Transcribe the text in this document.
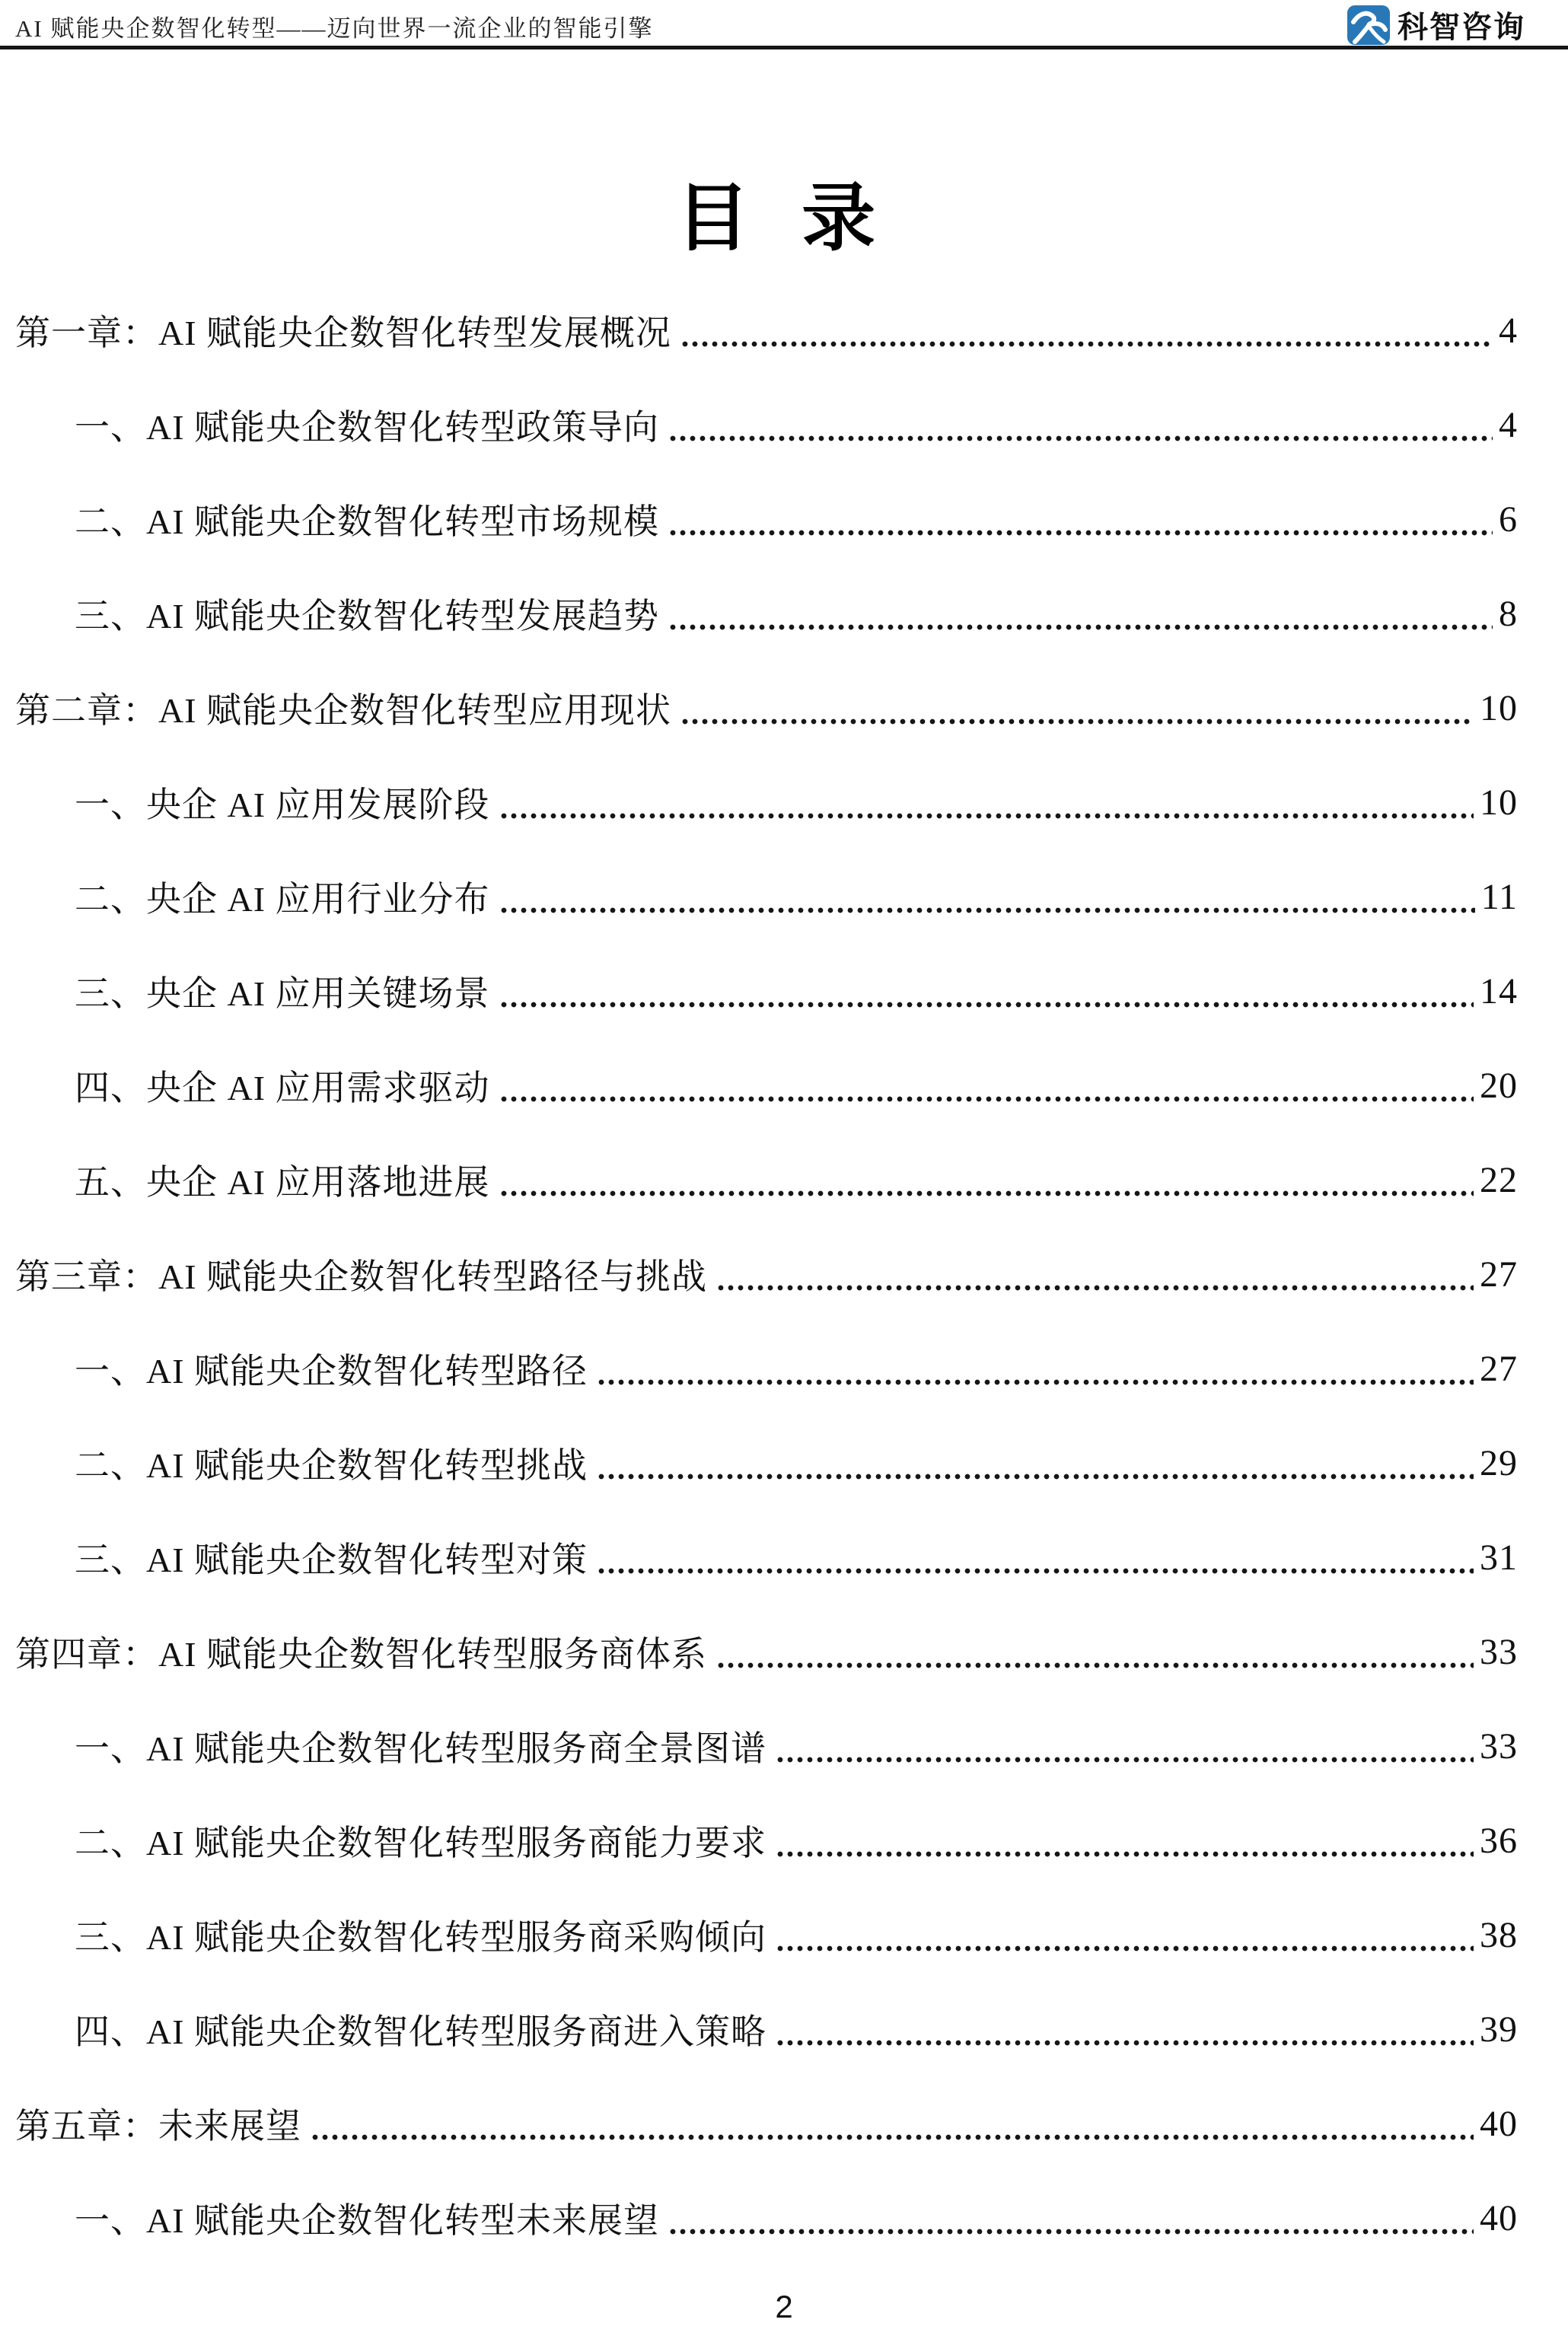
AI 赋能央企数智化转型——迈向世界一流企业的智能引擎	科智咨询
目 录
第一章：AI 赋能央企数智化转型发展概况	4
一、AI 赋能央企数智化转型政策导向	4
二、AI 赋能央企数智化转型市场规模	6
三、AI 赋能央企数智化转型发展趋势	8
第二章：AI 赋能央企数智化转型应用现状	10
一、央企 AI 应用发展阶段	10
二、央企 AI 应用行业分布	11
三、央企 AI 应用关键场景	14
四、央企 AI 应用需求驱动	20
五、央企 AI 应用落地进展	22
第三章：AI 赋能央企数智化转型路径与挑战	27
一、AI 赋能央企数智化转型路径	27
二、AI 赋能央企数智化转型挑战	29
三、AI 赋能央企数智化转型对策	31
第四章：AI 赋能央企数智化转型服务商体系	33
一、AI 赋能央企数智化转型服务商全景图谱	33
二、AI 赋能央企数智化转型服务商能力要求	36
三、AI 赋能央企数智化转型服务商采购倾向	38
四、AI 赋能央企数智化转型服务商进入策略	39
第五章：未来展望	40
一、AI 赋能央企数智化转型未来展望	40
2
